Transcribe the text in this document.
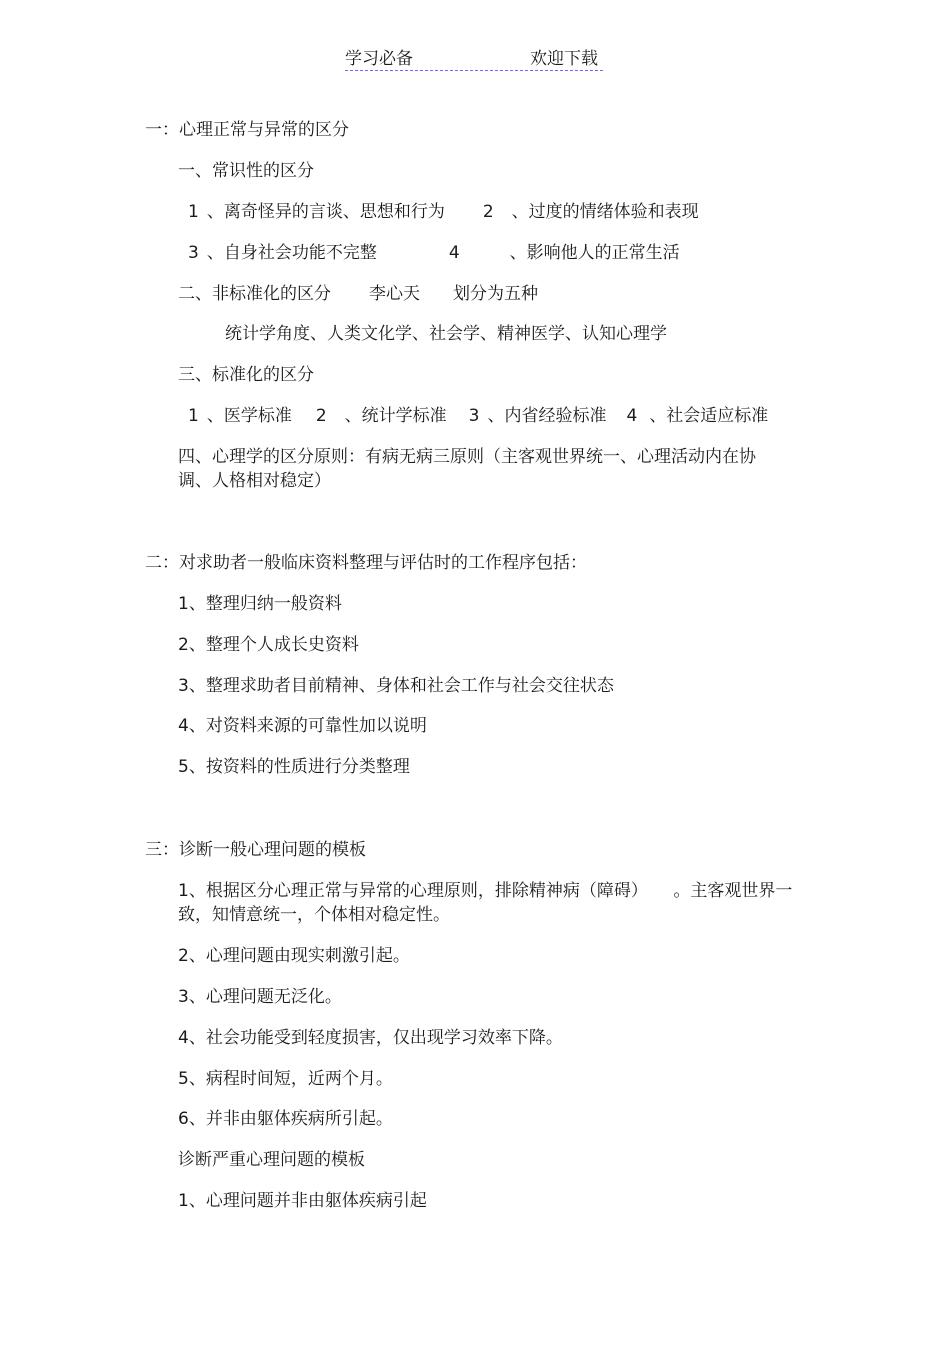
学习必备	欢迎下载
一：心理正常与异常的区分
一、常识性的区分
1 、离奇怪异的言谈、思想和行为 2 、过度的情绪体验和表现
3 、自身社会功能不完整	4	、影响他人的正常生活
二、非标准化的区分 李心天 划分为五种
统计学角度、人类文化学、社会学、精神医学、认知心理学
三、标准化的区分
1 、医学标准 2 、统计学标准 3 、内省经验标准 4 、社会适应标准
四、心理学的区分原则：有病无病三原则（主客观世界统一、心理活动内在协调、人格相对稳定）
二：对求助者一般临床资料整理与评估时的工作程序包括：
1、整理归纳一般资料
2、整理个人成长史资料
3、整理求助者目前精神、身体和社会工作与社会交往状态
4、对资料来源的可靠性加以说明
5、按资料的性质进行分类整理
三：诊断一般心理问题的模板
1、根据区分心理正常与异常的心理原则，排除精神病（障碍）　　。主客观世界一致，知情意统一，个体相对稳定性。
2、心理问题由现实刺激引起。
3、心理问题无泛化。
4、社会功能受到轻度损害，仅出现学习效率下降。
5、病程时间短，近两个月。
6、并非由躯体疾病所引起。
诊断严重心理问题的模板
1、心理问题并非由躯体疾病引起
